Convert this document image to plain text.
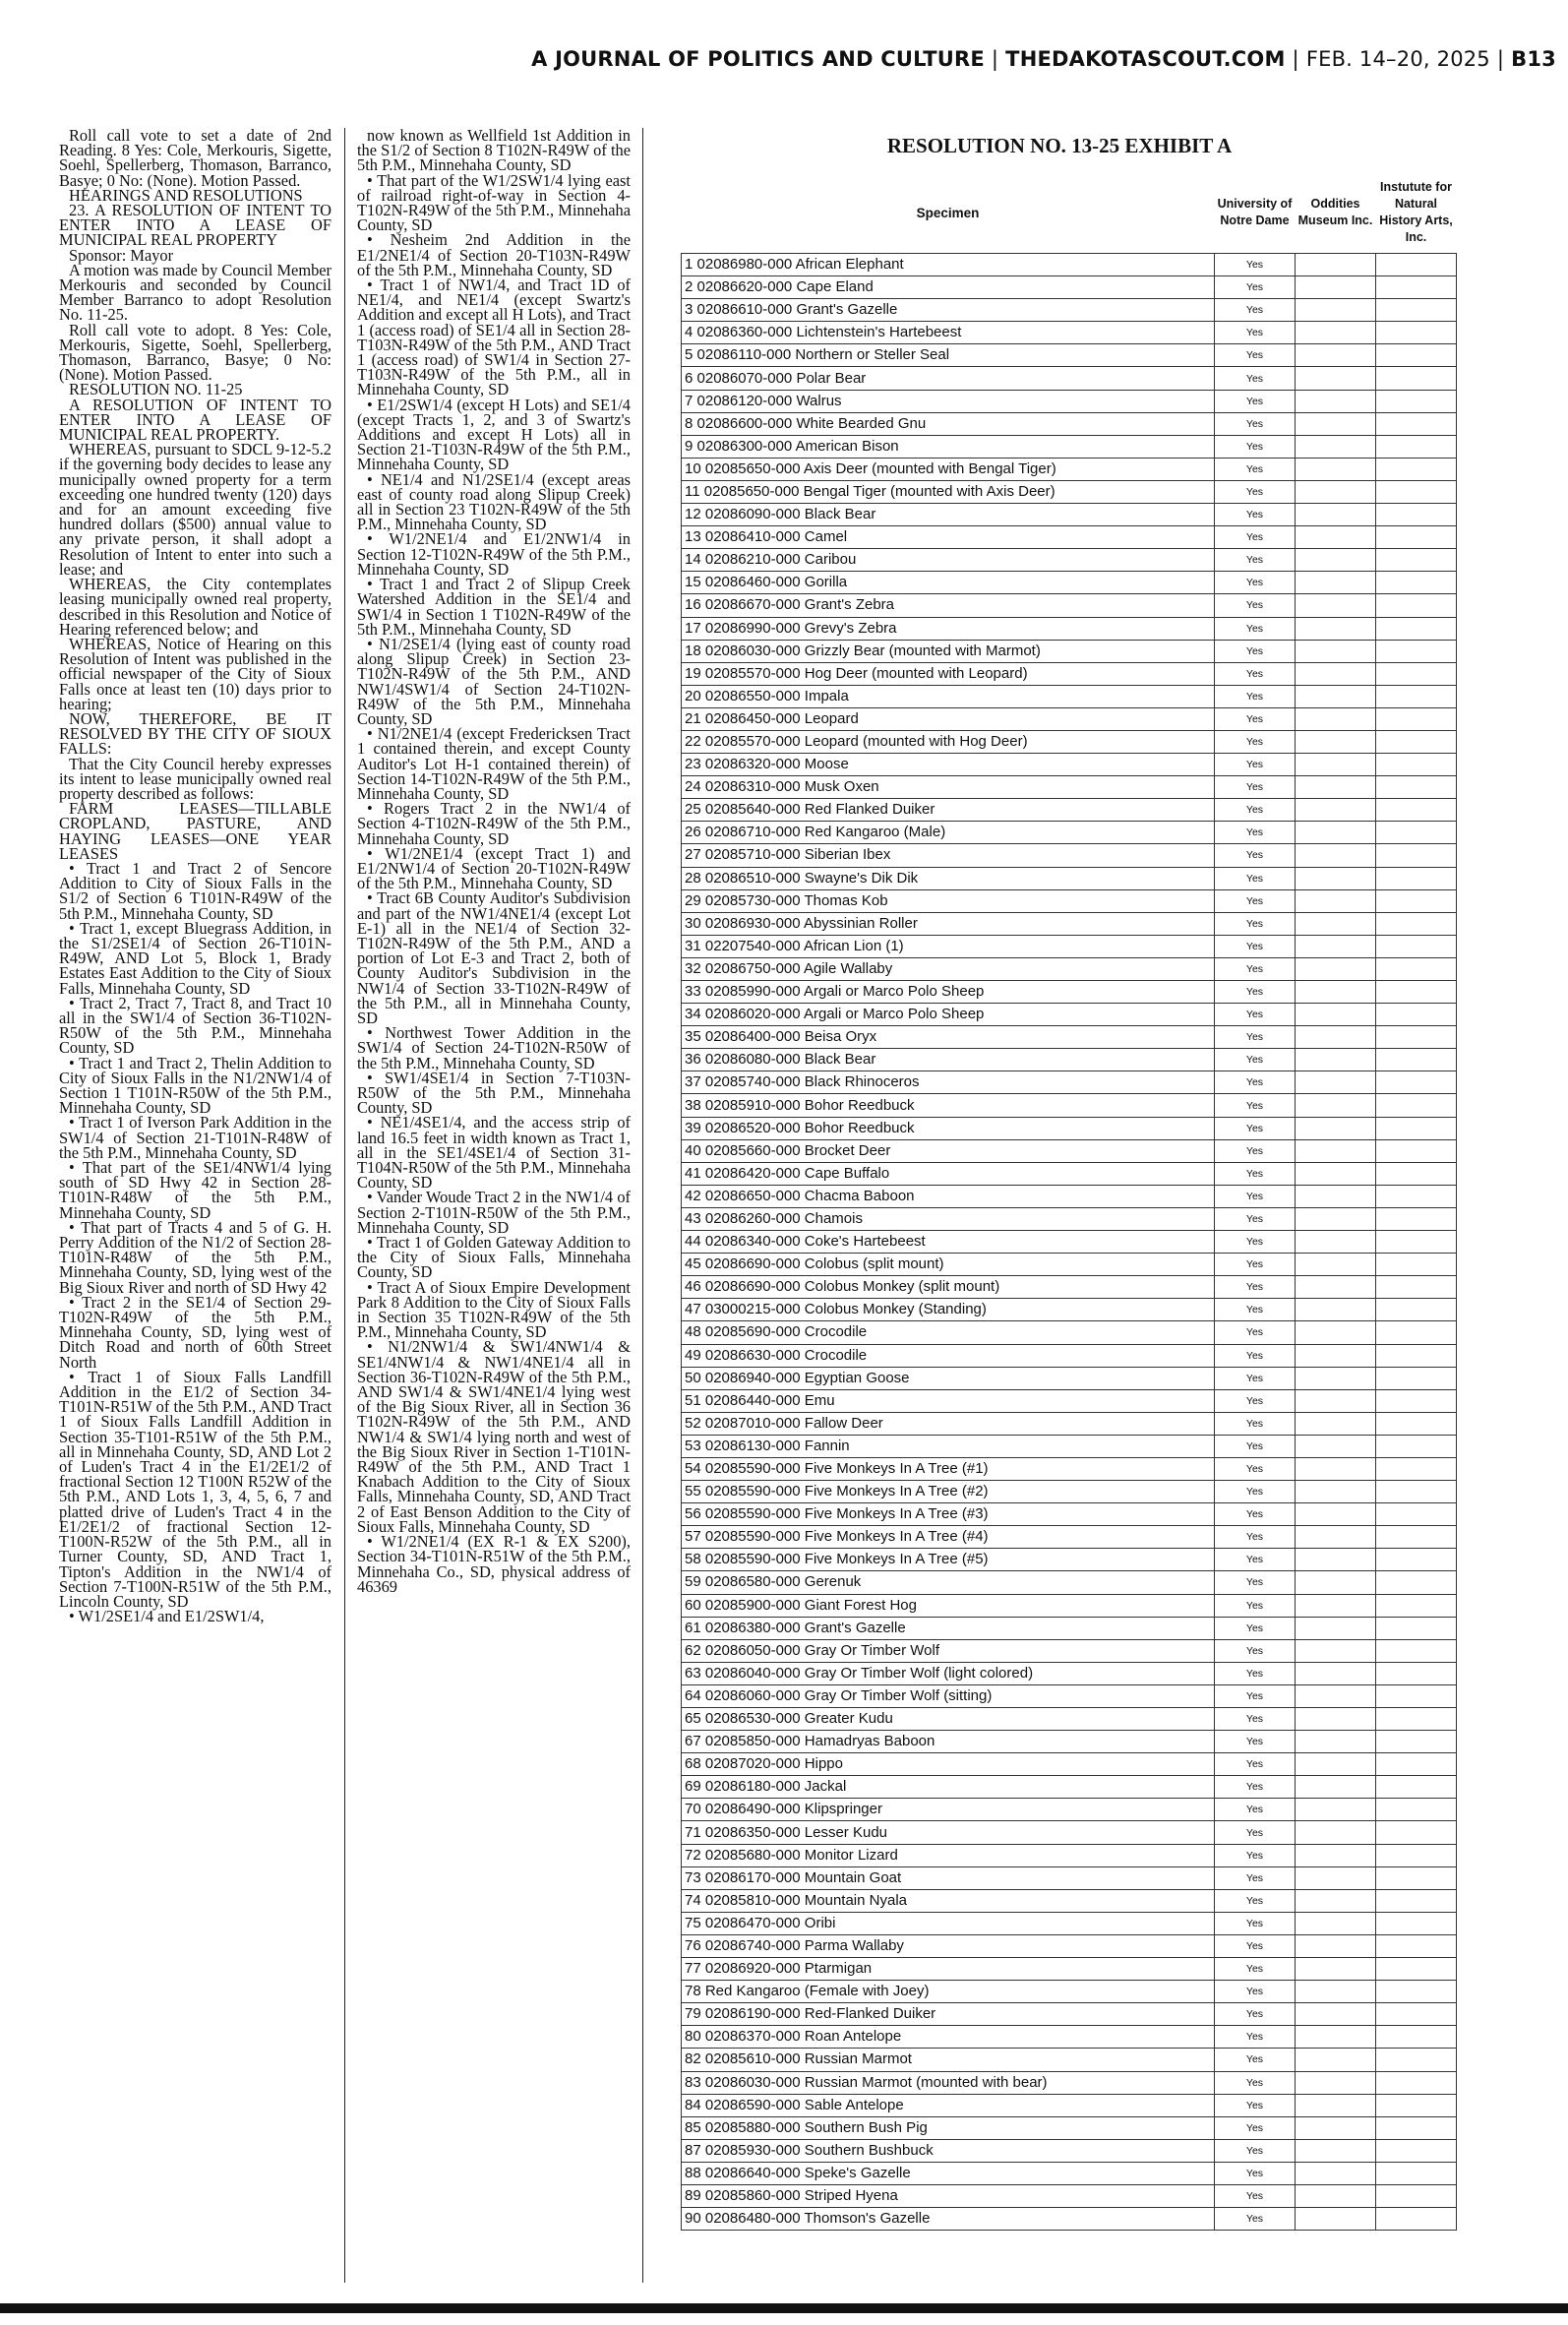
A JOURNAL OF POLITICS AND CULTURE | THEDAKOTASCOUT.COM | FEB. 14–20, 2025 | B13

Roll call vote to set a date of 2nd Reading. 8 Yes: Cole, Merkouris, Sigette, Soehl, Spellerberg, Thomason, Barranco, Basye; 0 No: (None). Motion Passed.

HEARINGS AND RESOLUTIONS

23. A RESOLUTION OF INTENT TO ENTER INTO A LEASE OF MUNICIPAL REAL PROPERTY

Sponsor: Mayor

A motion was made by Council Member Merkouris and seconded by Council Member Barranco to adopt Resolution No. 11-25.

Roll call vote to adopt. 8 Yes: Cole, Merkouris, Sigette, Soehl, Spellerberg, Thomason, Barranco, Basye; 0 No: (None). Motion Passed.

RESOLUTION NO. 11-25

A RESOLUTION OF INTENT TO ENTER INTO A LEASE OF MUNICIPAL REAL PROPERTY.

WHEREAS, pursuant to SDCL 9-12-5.2 if the governing body decides to lease any municipally owned property for a term exceeding one hundred twenty (120) days and for an amount exceeding five hundred dollars ($500) annual value to any private person, it shall adopt a Resolution of Intent to enter into such a lease; and

WHEREAS, the City contemplates leasing municipally owned real property, described in this Resolution and Notice of Hearing referenced below; and

WHEREAS, Notice of Hearing on this Resolution of Intent was published in the official newspaper of the City of Sioux Falls once at least ten (10) days prior to hearing;

NOW, THEREFORE, BE IT RESOLVED BY THE CITY OF SIOUX FALLS:

That the City Council hereby expresses its intent to lease municipally owned real property described as follows:

FARM LEASES—TILLABLE CROPLAND, PASTURE, AND HAYING LEASES—ONE YEAR LEASES

• Tract 1 and Tract 2 of Sencore Addition to City of Sioux Falls in the S1/2 of Section 6 T101N-R49W of the 5th P.M., Minnehaha County, SD

• Tract 1, except Bluegrass Addition, in the S1/2SE1/4 of Section 26-T101N-R49W, AND Lot 5, Block 1, Brady Estates East Addition to the City of Sioux Falls, Minnehaha County, SD

• Tract 2, Tract 7, Tract 8, and Tract 10 all in the SW1/4 of Section 36-T102N-R50W of the 5th P.M., Minnehaha County, SD

• Tract 1 and Tract 2, Thelin Addition to City of Sioux Falls in the N1/2NW1/4 of Section 1 T101N-R50W of the 5th P.M., Minnehaha County, SD

• Tract 1 of Iverson Park Addition in the SW1/4 of Section 21-T101N-R48W of the 5th P.M., Minnehaha County, SD

• That part of the SE1/4NW1/4 lying south of SD Hwy 42 in Section 28-T101N-R48W of the 5th P.M., Minnehaha County, SD

• That part of Tracts 4 and 5 of G. H. Perry Addition of the N1/2 of Section 28-T101N-R48W of the 5th P.M., Minnehaha County, SD, lying west of the Big Sioux River and north of SD Hwy 42

• Tract 2 in the SE1/4 of Section 29-T102N-R49W of the 5th P.M., Minnehaha County, SD, lying west of Ditch Road and north of 60th Street North

• Tract 1 of Sioux Falls Landfill Addition in the E1/2 of Section 34-T101N-R51W of the 5th P.M., AND Tract 1 of Sioux Falls Landfill Addition in Section 35-T101-R51W of the 5th P.M., all in Minnehaha County, SD, AND Lot 2 of Luden's Tract 4 in the E1/2E1/2 of fractional Section 12 T100N R52W of the 5th P.M., AND Lots 1, 3, 4, 5, 6, 7 and platted drive of Luden's Tract 4 in the E1/2E1/2 of fractional Section 12-T100N-R52W of the 5th P.M., all in Turner County, SD, AND Tract 1, Tipton's Addition in the NW1/4 of Section 7-T100N-R51W of the 5th P.M., Lincoln County, SD

• W1/2SE1/4 and E1/2SW1/4,

now known as Wellfield 1st Addition in the S1/2 of Section 8 T102N-R49W of the 5th P.M., Minnehaha County, SD

• That part of the W1/2SW1/4 lying east of railroad right-of-way in Section 4-T102N-R49W of the 5th P.M., Minnehaha County, SD

• Nesheim 2nd Addition in the E1/2NE1/4 of Section 20-T103N-R49W of the 5th P.M., Minnehaha County, SD

• Tract 1 of NW1/4, and Tract 1D of NE1/4, and NE1/4 (except Swartz's Addition and except all H Lots), and Tract 1 (access road) of SE1/4 all in Section 28-T103N-R49W of the 5th P.M., AND Tract 1 (access road) of SW1/4 in Section 27-T103N-R49W of the 5th P.M., all in Minnehaha County, SD

• E1/2SW1/4 (except H Lots) and SE1/4 (except Tracts 1, 2, and 3 of Swartz's Additions and except H Lots) all in Section 21-T103N-R49W of the 5th P.M., Minnehaha County, SD

• NE1/4 and N1/2SE1/4 (except areas east of county road along Slipup Creek) all in Section 23 T102N-R49W of the 5th P.M., Minnehaha County, SD

• W1/2NE1/4 and E1/2NW1/4 in Section 12-T102N-R49W of the 5th P.M., Minnehaha County, SD

• Tract 1 and Tract 2 of Slipup Creek Watershed Addition in the SE1/4 and SW1/4 in Section 1 T102N-R49W of the 5th P.M., Minnehaha County, SD

• N1/2SE1/4 (lying east of county road along Slipup Creek) in Section 23-T102N-R49W of the 5th P.M., AND NW1/4SW1/4 of Section 24-T102N-R49W of the 5th P.M., Minnehaha County, SD

• N1/2NE1/4 (except Fredericksen Tract 1 contained therein, and except County Auditor's Lot H-1 contained therein) of Section 14-T102N-R49W of the 5th P.M., Minnehaha County, SD

• Rogers Tract 2 in the NW1/4 of Section 4-T102N-R49W of the 5th P.M., Minnehaha County, SD

• W1/2NE1/4 (except Tract 1) and E1/2NW1/4 of Section 20-T102N-R49W of the 5th P.M., Minnehaha County, SD

• Tract 6B County Auditor's Subdivision and part of the NW1/4NE1/4 (except Lot E-1) all in the NE1/4 of Section 32-T102N-R49W of the 5th P.M., AND a portion of Lot E-3 and Tract 2, both of County Auditor's Subdivision in the NW1/4 of Section 33-T102N-R49W of the 5th P.M., all in Minnehaha County, SD

• Northwest Tower Addition in the SW1/4 of Section 24-T102N-R50W of the 5th P.M., Minnehaha County, SD

• SW1/4SE1/4 in Section 7-T103N-R50W of the 5th P.M., Minnehaha County, SD

• NE1/4SE1/4, and the access strip of land 16.5 feet in width known as Tract 1, all in the SE1/4SE1/4 of Section 31-T104N-R50W of the 5th P.M., Minnehaha County, SD

• Vander Woude Tract 2 in the NW1/4 of Section 2-T101N-R50W of the 5th P.M., Minnehaha County, SD

• Tract 1 of Golden Gateway Addition to the City of Sioux Falls, Minnehaha County, SD

• Tract A of Sioux Empire Development Park 8 Addition to the City of Sioux Falls in Section 35 T102N-R49W of the 5th P.M., Minnehaha County, SD

• N1/2NW1/4 & SW1/4NW1/4 & SE1/4NW1/4 & NW1/4NE1/4 all in Section 36-T102N-R49W of the 5th P.M., AND SW1/4 & SW1/4NE1/4 lying west of the Big Sioux River, all in Section 36 T102N-R49W of the 5th P.M., AND NW1/4 & SW1/4 lying north and west of the Big Sioux River in Section 1-T101N-R49W of the 5th P.M., AND Tract 1 Knabach Addition to the City of Sioux Falls, Minnehaha County, SD, AND Tract 2 of East Benson Addition to the City of Sioux Falls, Minnehaha County, SD

• W1/2NE1/4 (EX R-1 & EX S200), Section 34-T101N-R51W of the 5th P.M., Minnehaha Co., SD, physical address of 46369

RESOLUTION NO. 13-25 EXHIBIT A
Specimen	University of Notre Dame	Oddities Museum Inc.	Instutute for Natural History Arts, Inc.
1 02086980-000 African Elephant	Yes		
2 02086620-000 Cape Eland	Yes		
3 02086610-000 Grant's Gazelle	Yes		
4 02086360-000 Lichtenstein's Hartebeest	Yes		
5 02086110-000 Northern or Steller Seal	Yes		
6 02086070-000 Polar Bear	Yes		
7 02086120-000 Walrus	Yes		
8 02086600-000 White Bearded Gnu	Yes		
9 02086300-000 American Bison	Yes		
10 02085650-000 Axis Deer (mounted with Bengal Tiger)	Yes		
11 02085650-000 Bengal Tiger (mounted with Axis Deer)	Yes		
12 02086090-000 Black Bear	Yes		
13 02086410-000 Camel	Yes		
14 02086210-000 Caribou	Yes		
15 02086460-000 Gorilla	Yes		
16 02086670-000 Grant's Zebra	Yes		
17 02086990-000 Grevy's Zebra	Yes		
18 02086030-000 Grizzly Bear (mounted with Marmot)	Yes		
19 02085570-000 Hog Deer (mounted with Leopard)	Yes		
20 02086550-000 Impala	Yes		
21 02086450-000 Leopard	Yes		
22 02085570-000 Leopard (mounted with Hog Deer)	Yes		
23 02086320-000 Moose	Yes		
24 02086310-000 Musk Oxen	Yes		
25 02085640-000 Red Flanked Duiker	Yes		
26 02086710-000 Red Kangaroo (Male)	Yes		
27 02085710-000 Siberian Ibex	Yes		
28 02086510-000 Swayne's Dik Dik	Yes		
29 02085730-000 Thomas Kob	Yes		
30 02086930-000 Abyssinian Roller	Yes		
31 02207540-000 African Lion (1)	Yes		
32 02086750-000 Agile Wallaby	Yes		
33 02085990-000 Argali or Marco Polo Sheep	Yes		
34 02086020-000 Argali or Marco Polo Sheep	Yes		
35 02086400-000 Beisa Oryx	Yes		
36 02086080-000 Black Bear	Yes		
37 02085740-000 Black Rhinoceros	Yes		
38 02085910-000 Bohor Reedbuck	Yes		
39 02086520-000 Bohor Reedbuck	Yes		
40 02085660-000 Brocket Deer	Yes		
41 02086420-000 Cape Buffalo	Yes		
42 02086650-000 Chacma Baboon	Yes		
43 02086260-000 Chamois	Yes		
44 02086340-000 Coke's Hartebeest	Yes		
45 02086690-000 Colobus (split mount)	Yes		
46 02086690-000 Colobus Monkey (split mount)	Yes		
47 03000215-000 Colobus Monkey (Standing)	Yes		
48 02085690-000 Crocodile	Yes		
49 02086630-000 Crocodile	Yes		
50 02086940-000 Egyptian Goose	Yes		
51 02086440-000 Emu	Yes		
52 02087010-000 Fallow Deer	Yes		
53 02086130-000 Fannin	Yes		
54 02085590-000 Five Monkeys In A Tree (#1)	Yes		
55 02085590-000 Five Monkeys In A Tree (#2)	Yes		
56 02085590-000 Five Monkeys In A Tree (#3)	Yes		
57 02085590-000 Five Monkeys In A Tree (#4)	Yes		
58 02085590-000 Five Monkeys In A Tree (#5)	Yes		
59 02086580-000 Gerenuk	Yes		
60 02085900-000 Giant Forest Hog	Yes		
61 02086380-000 Grant's Gazelle	Yes		
62 02086050-000 Gray Or Timber Wolf	Yes		
63 02086040-000 Gray Or Timber Wolf (light colored)	Yes		
64 02086060-000 Gray Or Timber Wolf (sitting)	Yes		
65 02086530-000 Greater Kudu	Yes		
67 02085850-000 Hamadryas Baboon	Yes		
68 02087020-000 Hippo	Yes		
69 02086180-000 Jackal	Yes		
70 02086490-000 Klipspringer	Yes		
71 02086350-000 Lesser Kudu	Yes		
72 02085680-000 Monitor Lizard	Yes		
73 02086170-000 Mountain Goat	Yes		
74 02085810-000 Mountain Nyala	Yes		
75 02086470-000 Oribi	Yes		
76 02086740-000 Parma Wallaby	Yes		
77 02086920-000 Ptarmigan	Yes		
78 Red Kangaroo (Female with Joey)	Yes		
79 02086190-000 Red-Flanked Duiker	Yes		
80 02086370-000 Roan Antelope	Yes		
82 02085610-000 Russian Marmot	Yes		
83 02086030-000 Russian Marmot (mounted with bear)	Yes		
84 02086590-000 Sable Antelope	Yes		
85 02085880-000 Southern Bush Pig	Yes		
87 02085930-000 Southern Bushbuck	Yes		
88 02086640-000 Speke's Gazelle	Yes		
89 02085860-000 Striped Hyena	Yes		
90 02086480-000 Thomson's Gazelle	Yes		
